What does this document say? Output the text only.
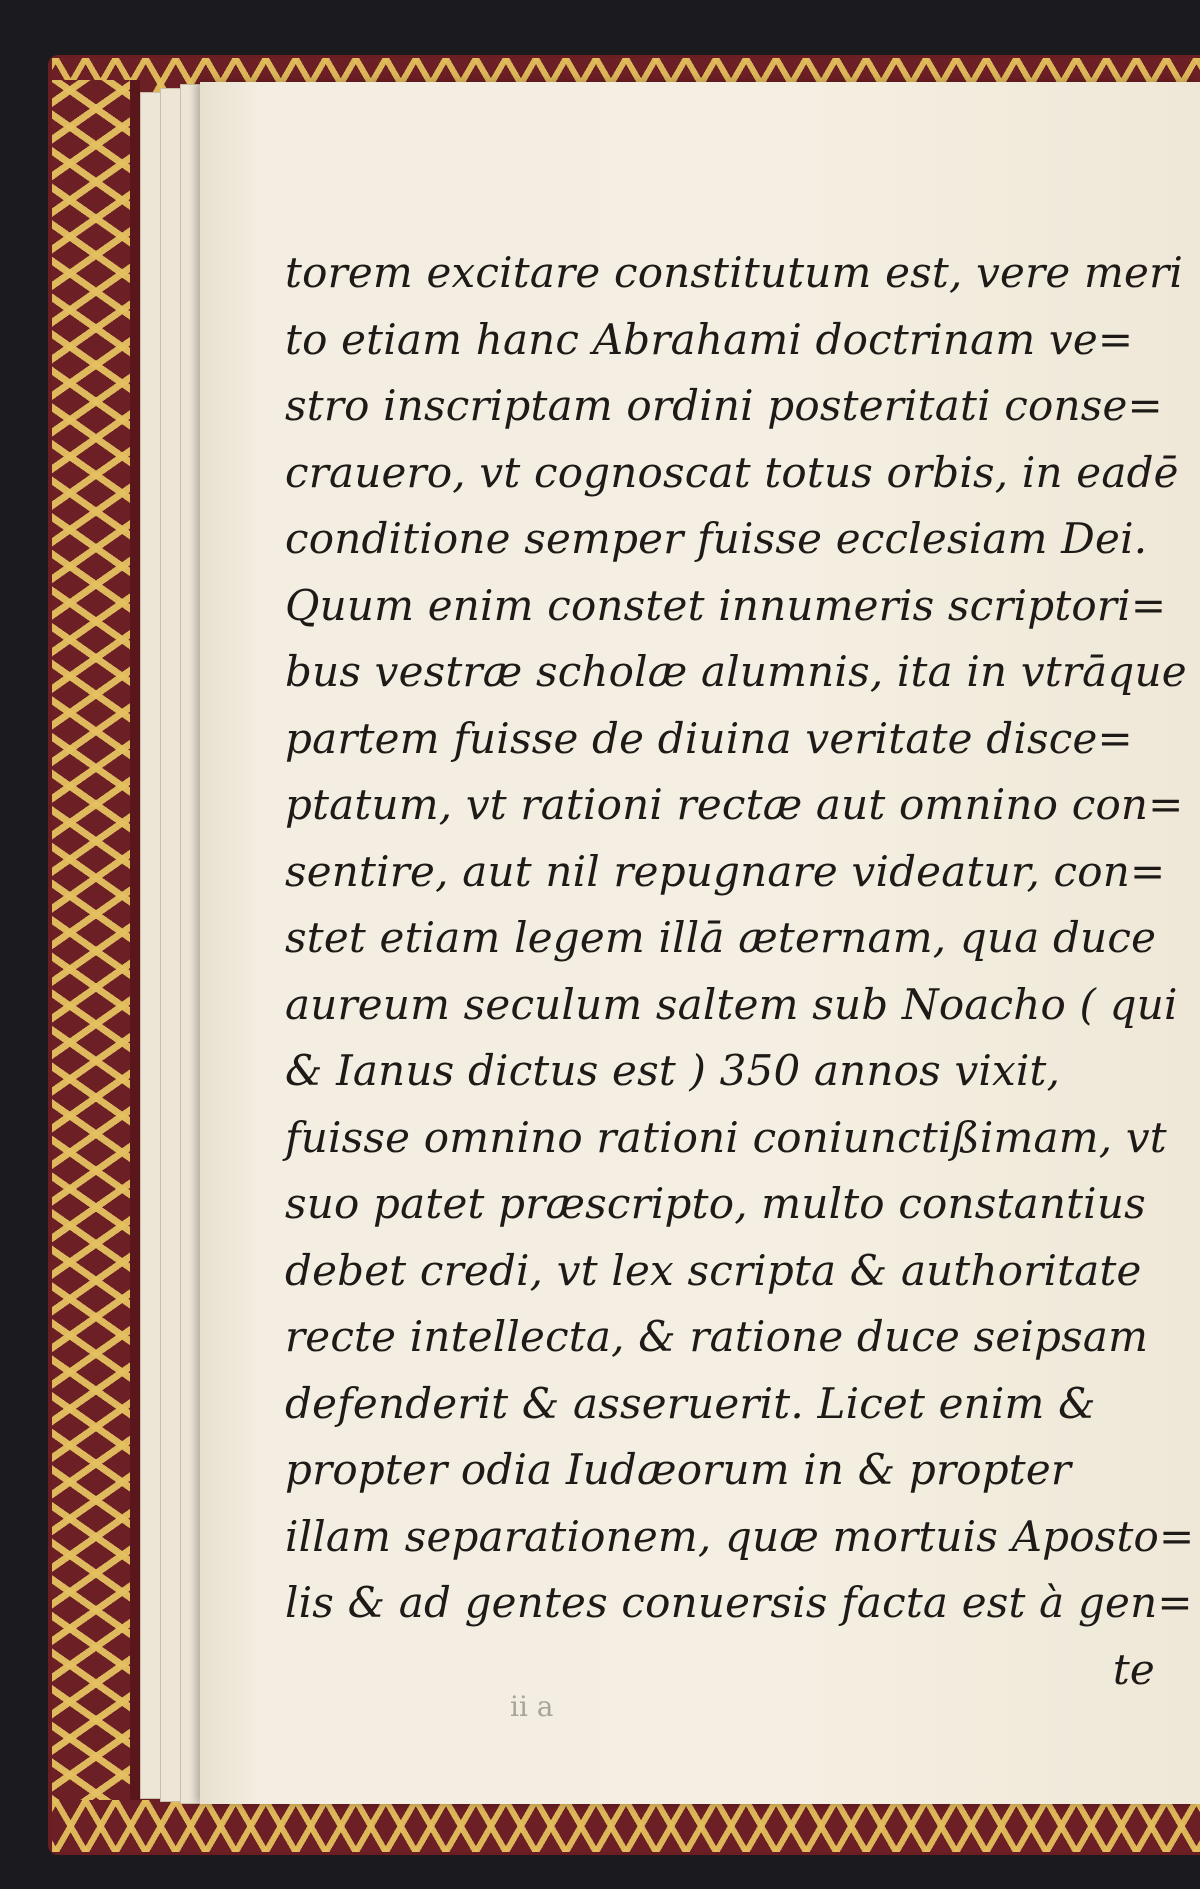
torem excitare constitutum est, vere meri
to etiam hanc Abrahami doctrinam ve=
stro inscriptam ordini posteritati conse=
crauero, vt cognoscat totus orbis, in eadē
conditione semper fuisse ecclesiam Dei.
Quum enim constet innumeris scriptori=
bus vestræ scholæ alumnis, ita in vtrāque
partem fuisse de diuina veritate disce=
ptatum, vt rationi rectæ aut omnino con=
sentire, aut nil repugnare videatur, con=
stet etiam legem illā æternam, qua duce
aureum seculum saltem sub Noacho ( qui
& Ianus dictus est ) 350 annos vixit,
fuisse omnino rationi coniunctißimam, vt
suo patet præscripto, multo constantius
debet credi, vt lex scripta & authoritate
recte intellecta, & ratione duce seipsam
defenderit & asseruerit. Licet enim &
propter odia Iudæorum in & propter
illam separationem, quæ mortuis Aposto=
lis & ad gentes conuersis facta est à gen=
te
ii a
